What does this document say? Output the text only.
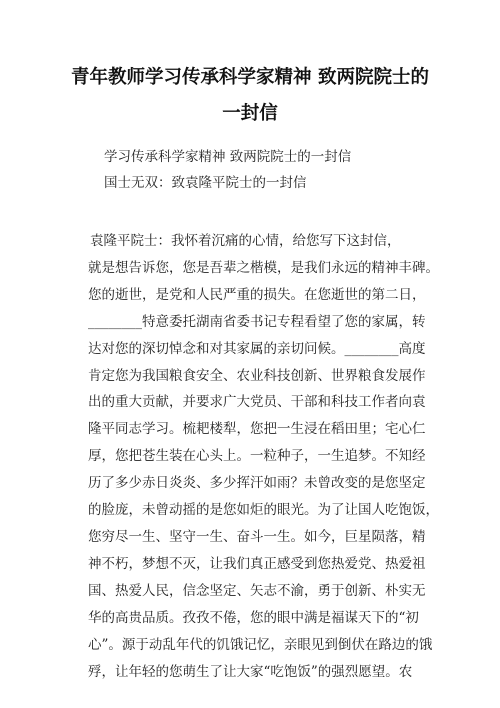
青年教师学习传承科学家精神 致两院院士的
一封信
学习传承科学家精神 致两院院士的一封信
国士无双：致袁隆平院士的一封信
袁隆平院士：我怀着沉痛的心情，给您写下这封信，
就是想告诉您，您是吾辈之楷模，是我们永远的精神丰碑。
您的逝世，是党和人民严重的损失。在您逝世的第二日，
________特意委托湖南省委书记专程看望了您的家属，转
达对您的深切悼念和对其家属的亲切问候。________高度
肯定您为我国粮食安全、农业科技创新、世界粮食发展作
出的重大贡献，并要求广大党员、干部和科技工作者向袁
隆平同志学习。梳耙楼犁，您把一生浸在稻田里；宅心仁
厚，您把苍生装在心头上。一粒种子，一生追梦。不知经
历了多少赤日炎炎、多少挥汗如雨？未曾改变的是您坚定
的脸庞，未曾动摇的是您如炬的眼光。为了让国人吃饱饭，
您穷尽一生、坚守一生、奋斗一生。如今，巨星陨落，精
神不朽，梦想不灭，让我们真正感受到您热爱党、热爱祖
国、热爱人民，信念坚定、矢志不渝，勇于创新、朴实无
华的高贵品质。孜孜不倦，您的眼中满是福谋天下的“初
心”。源于动乱年代的饥饿记忆，亲眼见到倒伏在路边的饿
殍，让年轻的您萌生了让大家“吃饱饭”的强烈愿望。农
